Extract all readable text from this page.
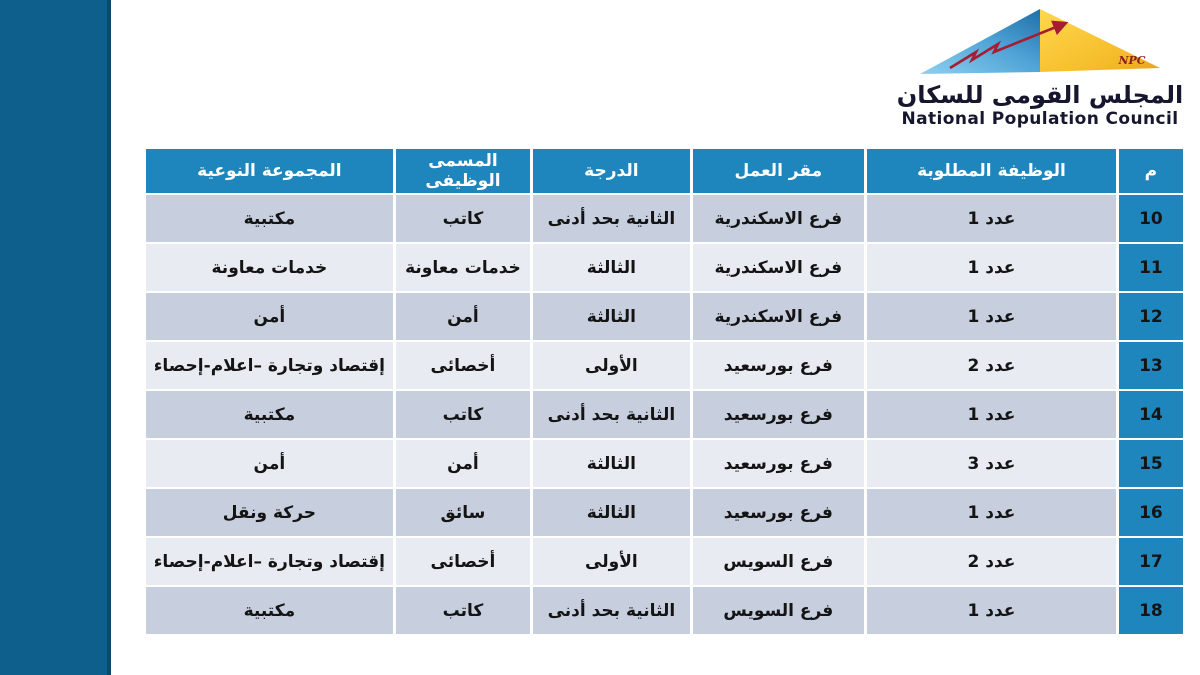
NPC
المجلس القومى للسكان
National Population Council
م	الوظيفة المطلوبة	مقر العمل	الدرجة	المسمى الوظيفى	المجموعة النوعية
10	عدد 1	فرع الاسكندرية	الثانية بحد أدنى	كاتب	مكتبية
11	عدد 1	فرع الاسكندرية	الثالثة	خدمات معاونة	خدمات معاونة
12	عدد 1	فرع الاسكندرية	الثالثة	أمن	أمن
13	عدد 2	فرع بورسعيد	الأولى	أخصائى	إقتصاد وتجارة –اعلام-إحصاء
14	عدد 1	فرع بورسعيد	الثانية بحد أدنى	كاتب	مكتبية
15	عدد 3	فرع بورسعيد	الثالثة	أمن	أمن
16	عدد 1	فرع بورسعيد	الثالثة	سائق	حركة ونقل
17	عدد 2	فرع السويس	الأولى	أخصائى	إقتصاد وتجارة –اعلام-إحصاء
18	عدد 1	فرع السويس	الثانية بحد أدنى	كاتب	مكتبية
